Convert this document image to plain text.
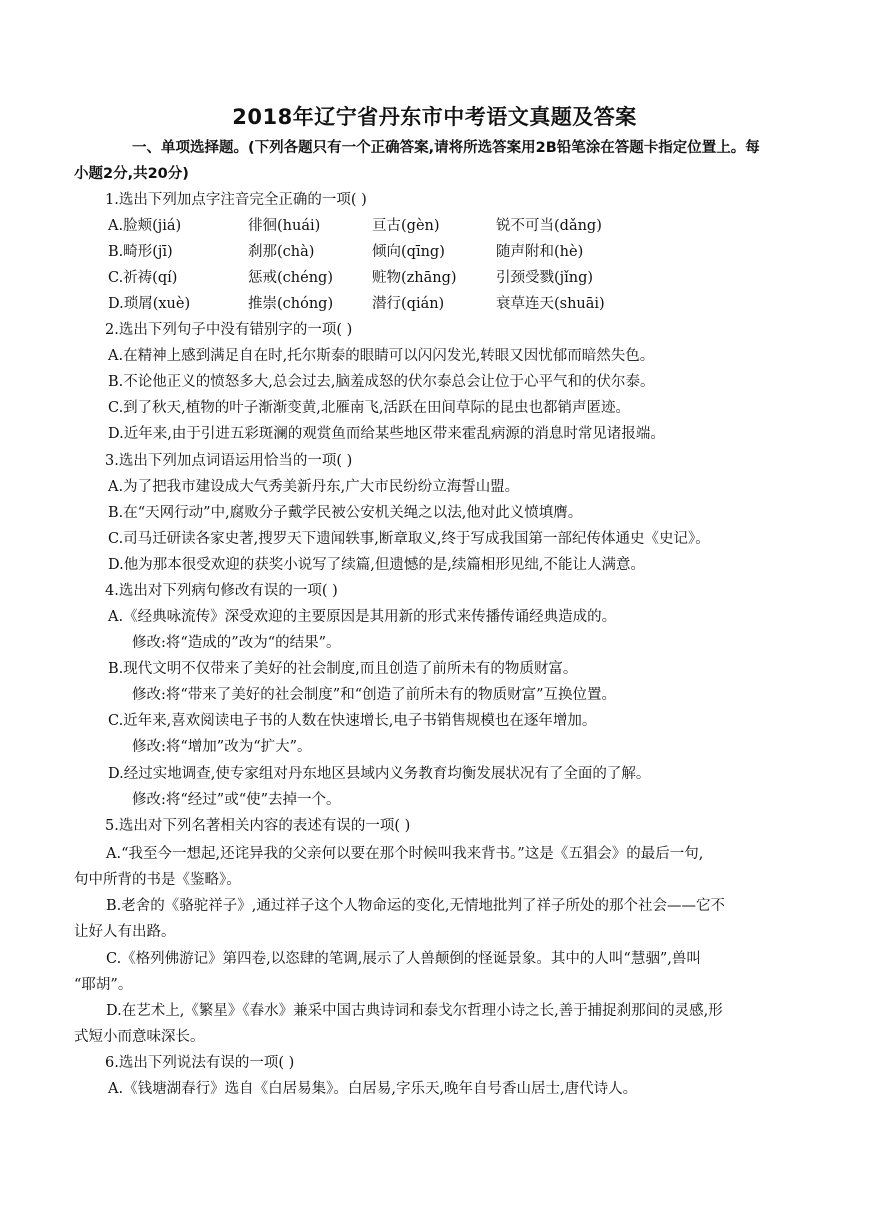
2018年辽宁省丹东市中考语文真题及答案
一、单项选择题。(下列各题只有一个正确答案,请将所选答案用2B铅笔涂在答题卡指定位置上。每
小题2分,共20分)
1.选出下列加点字注音完全正确的一项( )
A.脸颊(jiá)	徘徊(huái)	亘古(gèn)	锐不可当(dǎng)
B.畸形(jī)	刹那(chà)	倾向(qīng)	随声附和(hè)
C.祈祷(qí)	惩戒(chéng)	赃物(zhāng)	引颈受戮(jǐng)
D.琐屑(xuè)	推崇(chóng)	潜行(qián)	衰草连天(shuāi)
2.选出下列句子中没有错别字的一项( )
A.在精神上感到满足自在时,托尔斯泰的眼睛可以闪闪发光,转眼又因忧郁而暗然失色。
B.不论他正义的愤怒多大,总会过去,脑羞成怒的伏尔泰总会让位于心平气和的伏尔泰。
C.到了秋天,植物的叶子渐渐变黄,北雁南飞,活跃在田间草际的昆虫也都销声匿迹。
D.近年来,由于引进五彩斑澜的观赏鱼而给某些地区带来霍乱病源的消息时常见诸报端。
3.选出下列加点词语运用恰当的一项( )
A.为了把我市建设成大气秀美新丹东,广大市民纷纷立海誓山盟。
B.在“天网行动”中,腐败分子戴学民被公安机关绳之以法,他对此义愤填膺。
C.司马迁研读各家史著,搜罗天下遗闻轶事,断章取义,终于写成我国第一部纪传体通史《史记》。
D.他为那本很受欢迎的获奖小说写了续篇,但遗憾的是,续篇相形见绌,不能让人满意。
4.选出对下列病句修改有误的一项( )
A.《经典咏流传》深受欢迎的主要原因是其用新的形式来传播传诵经典造成的。
修改:将“造成的”改为“的结果”。
B.现代文明不仅带来了美好的社会制度,而且创造了前所未有的物质财富。
修改:将“带来了美好的社会制度”和“创造了前所未有的物质财富”互换位置。
C.近年来,喜欢阅读电子书的人数在快速增长,电子书销售规模也在逐年增加。
修改:将“增加”改为“扩大”。
D.经过实地调查,使专家组对丹东地区县域内义务教育均衡发展状况有了全面的了解。
修改:将“经过”或“使”去掉一个。
5.选出对下列名著相关内容的表述有误的一项( )
A.“我至今一想起,还诧异我的父亲何以要在那个时候叫我来背书。”这是《五猖会》的最后一句,
句中所背的书是《鉴略》。
B.老舍的《骆驼祥子》,通过祥子这个人物命运的变化,无情地批判了祥子所处的那个社会——它不
让好人有出路。
C.《格列佛游记》第四卷,以恣肆的笔调,展示了人兽颠倒的怪诞景象。其中的人叫“慧骃”,兽叫
“耶胡”。
D.在艺术上,《繁星》《春水》兼采中国古典诗词和泰戈尔哲理小诗之长,善于捕捉刹那间的灵感,形
式短小而意味深长。
6.选出下列说法有误的一项( )
A.《钱塘湖春行》选自《白居易集》。白居易,字乐天,晚年自号香山居士,唐代诗人。
